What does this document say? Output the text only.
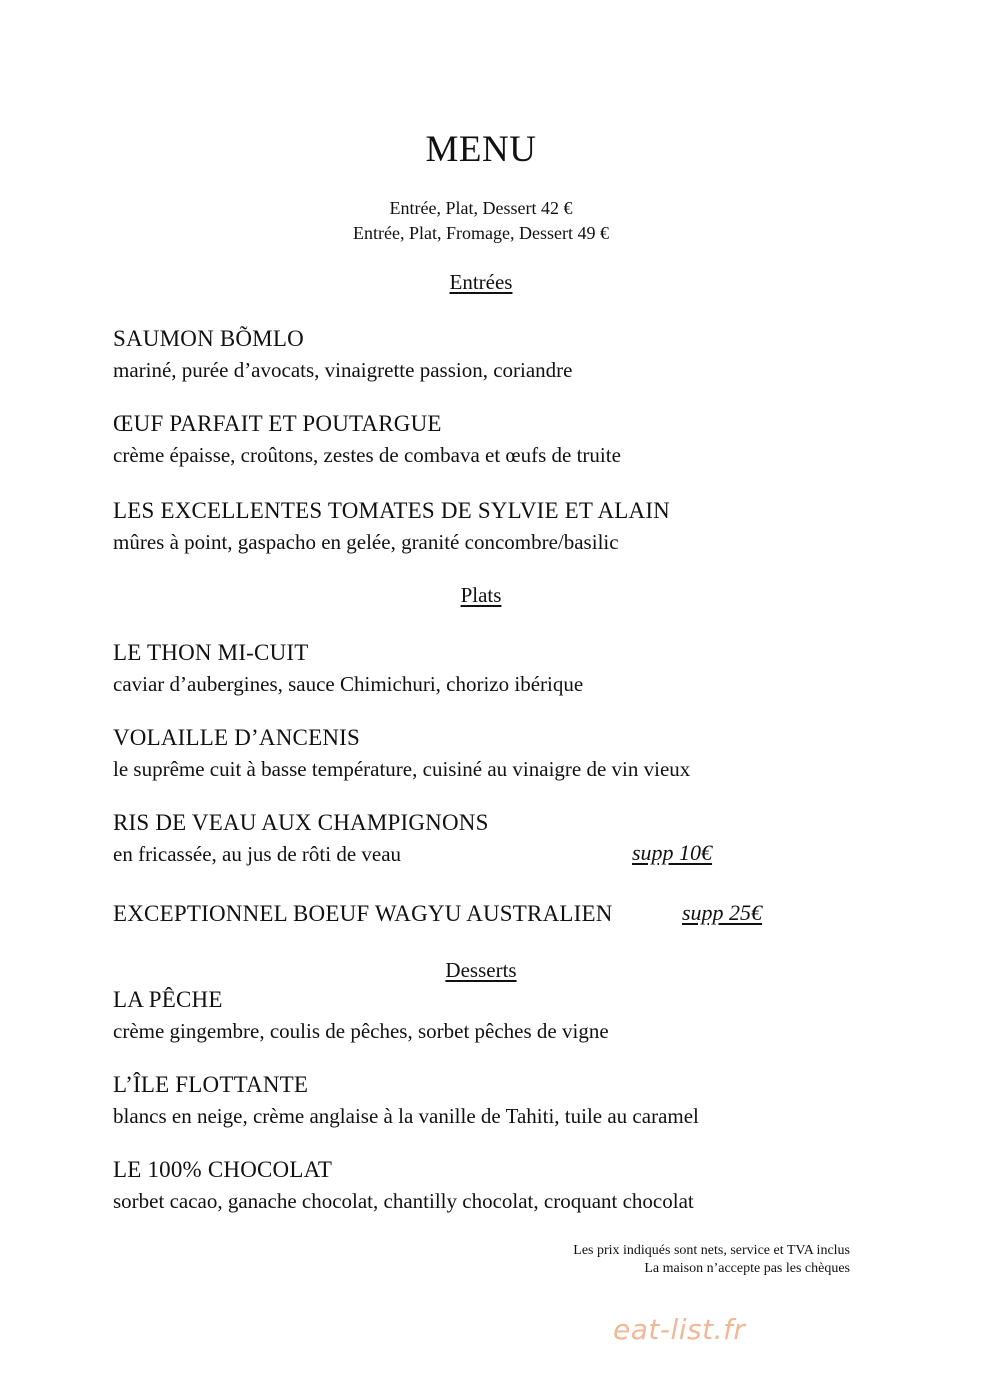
MENU
Entrée, Plat, Dessert 42 €
Entrée, Plat, Fromage, Dessert 49 €
Entrées
SAUMON BÕMLO
mariné, purée d’avocats, vinaigrette passion, coriandre
ŒUF PARFAIT ET POUTARGUE
crème épaisse, croûtons, zestes de combava et œufs de truite
LES EXCELLENTES TOMATES DE SYLVIE ET ALAIN
mûres à point, gaspacho en gelée, granité concombre/basilic
Plats
LE THON MI-CUIT
caviar d’aubergines, sauce Chimichuri, chorizo ibérique
VOLAILLE D’ANCENIS
le suprême cuit à basse température, cuisiné au vinaigre de vin vieux
RIS DE VEAU AUX CHAMPIGNONS
en fricassée, au jus de rôti de veau	supp 10€
EXCEPTIONNEL BOEUF WAGYU AUSTRALIEN	supp 25€
Desserts
LA PÊCHE
crème gingembre, coulis de pêches, sorbet pêches de vigne
L’ÎLE FLOTTANTE
blancs en neige, crème anglaise à la vanille de Tahiti, tuile au caramel
LE 100% CHOCOLAT
sorbet cacao, ganache chocolat, chantilly chocolat, croquant chocolat
Les prix indiqués sont nets, service et TVA inclus
La maison n’accepte pas les chèques
eat-list.fr
